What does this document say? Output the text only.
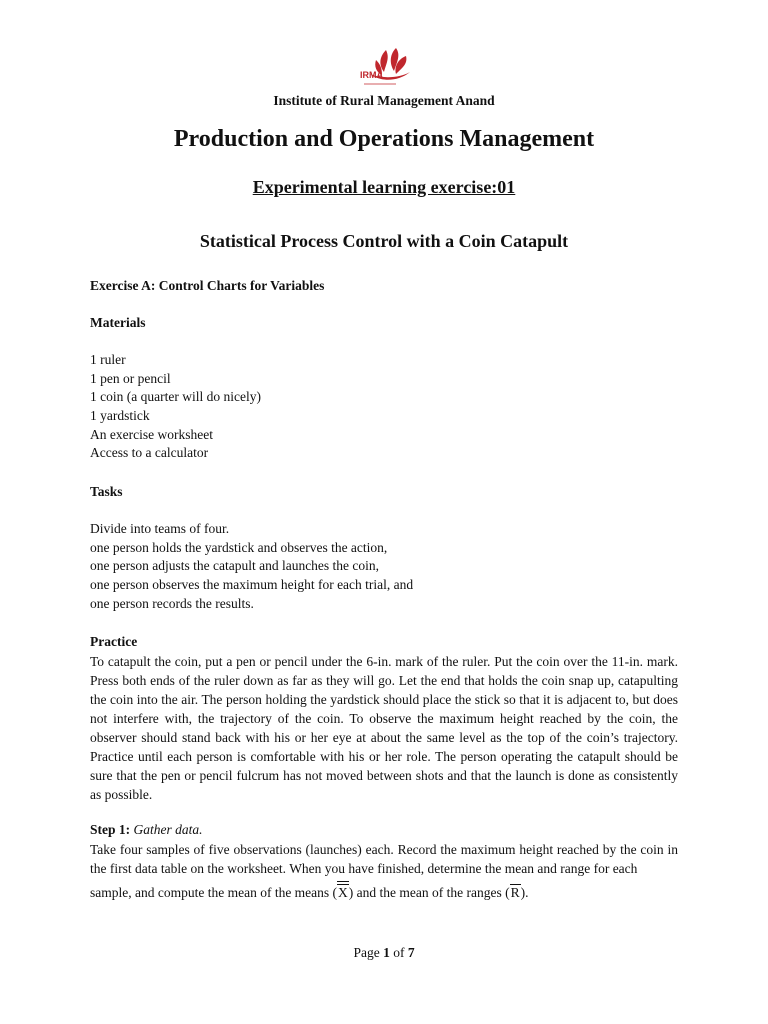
IRMA
Institute of Rural Management Anand
Production and Operations Management
Experimental learning exercise:01
Statistical Process Control with a Coin Catapult
Exercise A: Control Charts for Variables
Materials
1 ruler
1 pen or pencil
1 coin (a quarter will do nicely)
1 yardstick
An exercise worksheet
Access to a calculator
Tasks
Divide into teams of four.
one person holds the yardstick and observes the action,
one person adjusts the catapult and launches the coin,
one person observes the maximum height for each trial, and
one person records the results.
Practice
To catapult the coin, put a pen or pencil under the 6-in. mark of the ruler. Put the coin over the 11-in. mark. Press both ends of the ruler down as far as they will go. Let the end that holds the coin snap up, catapulting the coin into the air. The person holding the yardstick should place the stick so that it is adjacent to, but does not interfere with, the trajectory of the coin. To observe the maximum height reached by the coin, the observer should stand back with his or her eye at about the same level as the top of the coin’s trajectory. Practice until each person is comfortable with his or her role. The person operating the catapult should be sure that the pen or pencil fulcrum has not moved between shots and that the launch is done as consistently as possible.
Step 1: Gather data.
Take four samples of five observations (launches) each. Record the maximum height reached by the coin in the first data table on the worksheet. When you have finished, determine the mean and range for each
sample, and compute the mean of the means (X) and the mean of the ranges (R).
Page 1 of 7
